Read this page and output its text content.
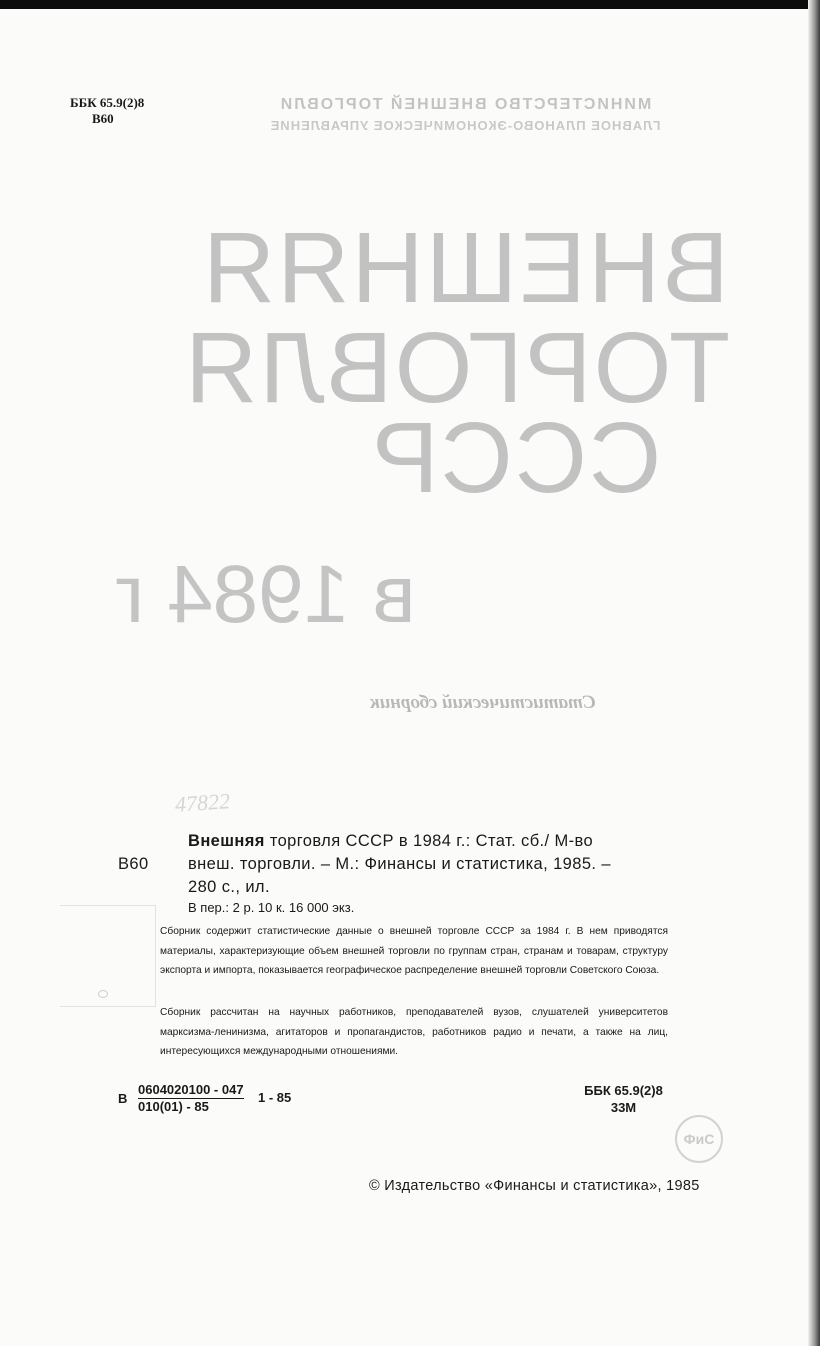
ББК 65.9(2)8
В60
МИНИСТЕРСТВО ВНЕШНЕЙ ТОРГОВЛИ
ГЛАВНОЕ ПЛАНОВО-ЭКОНОМИЧЕСКОЕ УПРАВЛЕНИЕ
ВНЕШНЯЯ
ТОРГОВЛЯ
СССР
в 1984 г
Статистический сборник
47822
Внешняя торговля СССР в 1984 г.: Стат. сб./ М-во
В60	внеш. торговли. – М.: Финансы и статистика, 1985. –
280 с., ил.
В пер.: 2 р. 10 к. 16 000 экз.

Сборник содержит статистические данные о внешней торговле СССР за 1984 г. В нем приводятся материалы, характеризующие объем внешней торговли по группам стран, странам и товарам, структуру экспорта и импорта, показывается географическое распределение внешней торговли Советского Союза.

Сборник рассчитан на научных работников, преподавателей вузов, слушателей университетов марксизма-ленинизма, агитаторов и пропагандистов, работников радио и печати, а также на лиц, интересующихся международными отношениями.

В $\frac{0604020100 - 047}{010(01) - 85} 1 - 85$	ББК 65.9(2)8
33М
ФиС
© Издательство «Финансы и статистика», 1985
